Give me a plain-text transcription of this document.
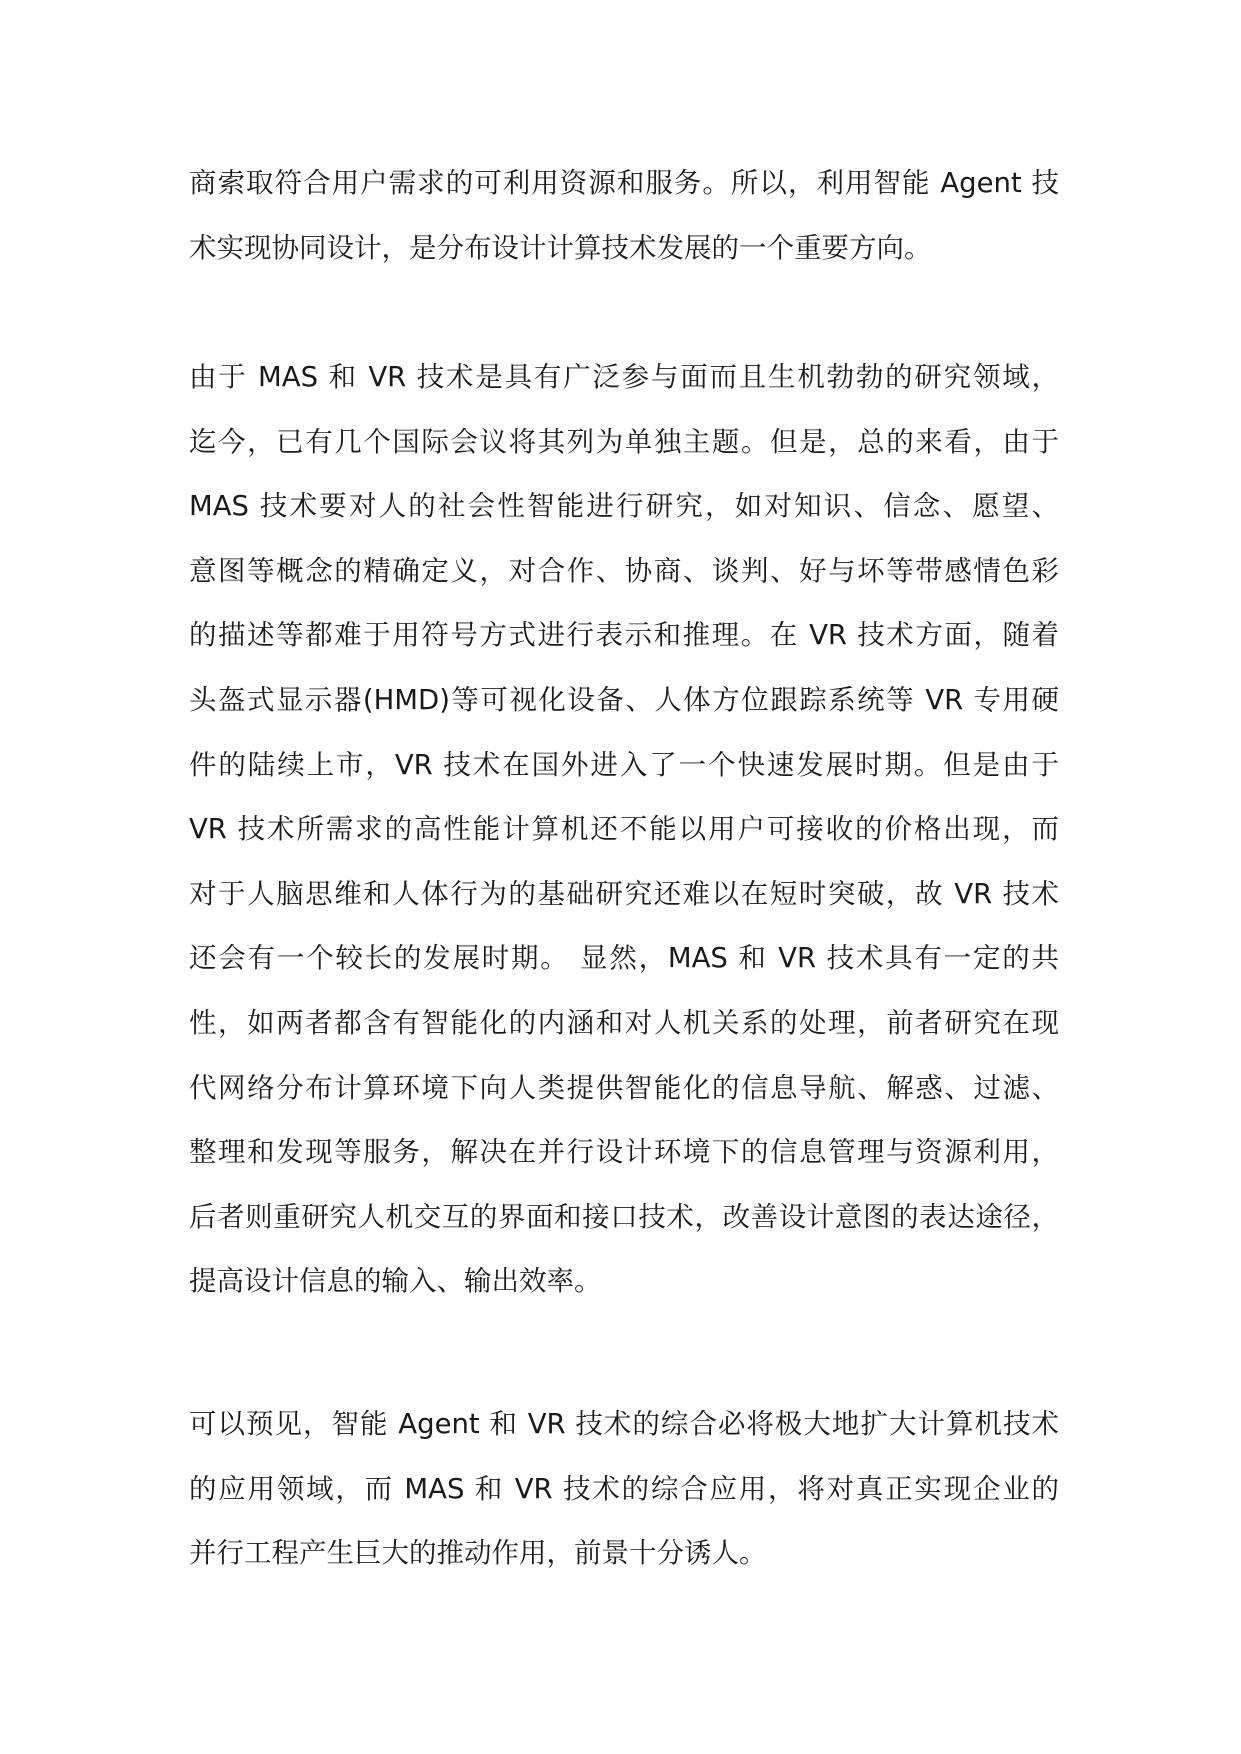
商索取符合用户需求的可利用资源和服务。所以，利用智能 Agent 技
术实现协同设计，是分布设计计算技术发展的一个重要方向。
由于 MAS 和 VR 技术是具有广泛参与面而且生机勃勃的研究领域，
迄今，已有几个国际会议将其列为单独主题。但是，总的来看，由于
MAS 技术要对人的社会性智能进行研究，如对知识、信念、愿望、
意图等概念的精确定义，对合作、协商、谈判、好与坏等带感情色彩
的描述等都难于用符号方式进行表示和推理。在 VR 技术方面，随着
头盔式显示器(HMD)等可视化设备、人体方位跟踪系统等 VR 专用硬
件的陆续上市，VR 技术在国外进入了一个快速发展时期。但是由于
VR 技术所需求的高性能计算机还不能以用户可接收的价格出现，而
对于人脑思维和人体行为的基础研究还难以在短时突破，故 VR 技术
还会有一个较长的发展时期。 显然，MAS 和 VR 技术具有一定的共
性，如两者都含有智能化的内涵和对人机关系的处理，前者研究在现
代网络分布计算环境下向人类提供智能化的信息导航、解惑、过滤、
整理和发现等服务，解决在并行设计环境下的信息管理与资源利用，
后者则重研究人机交互的界面和接口技术，改善设计意图的表达途径，
提高设计信息的输入、输出效率。
可以预见，智能 Agent 和 VR 技术的综合必将极大地扩大计算机技术
的应用领域，而 MAS 和 VR 技术的综合应用，将对真正实现企业的
并行工程产生巨大的推动作用，前景十分诱人。
